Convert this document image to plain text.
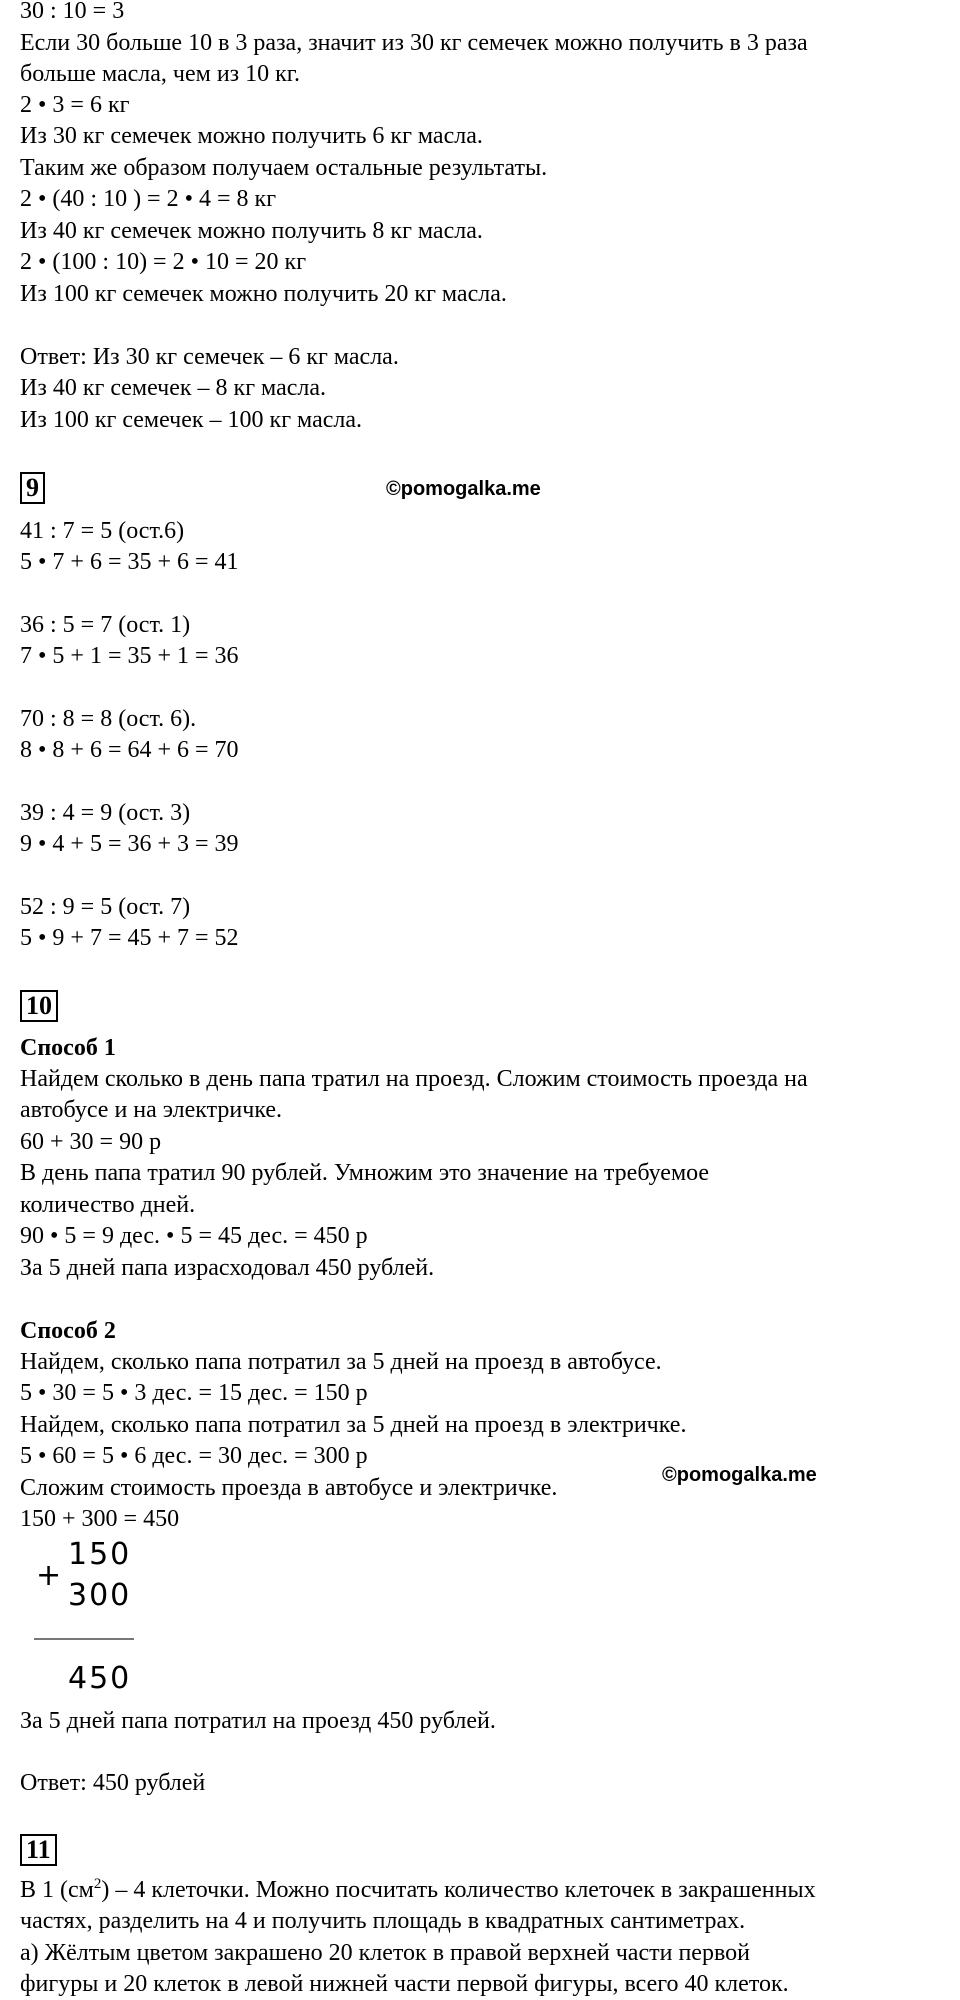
30 : 10 = 3
Если 30 больше 10 в 3 раза, значит из 30 кг семечек можно получить в 3 раза
больше масла, чем из 10 кг.
2 • 3 = 6 кг
Из 30 кг семечек можно получить 6 кг масла.
Таким же образом получаем остальные результаты.
2 • (40 : 10 ) = 2 • 4 = 8 кг
Из 40 кг семечек можно получить 8 кг масла.
2 • (100 : 10) = 2 • 10 = 20 кг
Из 100 кг семечек можно получить 20 кг масла.
Ответ: Из 30 кг семечек – 6 кг масла.
Из 40 кг семечек – 8 кг масла.
Из 100 кг семечек – 100 кг масла.
9	©pomogalka.me
41 : 7 = 5 (ост.6)
5 • 7 + 6 = 35 + 6 = 41
36 : 5 = 7 (ост. 1)
7 • 5 + 1 = 35 + 1 = 36
70 : 8 = 8 (ост. 6).
8 • 8 + 6 = 64 + 6 = 70
39 : 4 = 9 (ост. 3)
9 • 4 + 5 = 36 + 3 = 39
52 : 9 = 5 (ост. 7)
5 • 9 + 7 = 45 + 7 = 52
10
Способ 1
Найдем сколько в день папа тратил на проезд. Сложим стоимость проезда на
автобусе и на электричке.
60 + 30 = 90 р
В день папа тратил 90 рублей. Умножим это значение на требуемое
количество дней.
90 • 5 = 9 дес. • 5 = 45 дес. = 450 р
За 5 дней папа израсходовал 450 рублей.
Способ 2
Найдем, сколько папа потратил за 5 дней на проезд в автобусе.
5 • 30 = 5 • 3 дес. = 15 дес. = 150 р
Найдем, сколько папа потратил за 5 дней на проезд в электричке.
5 • 60 = 5 • 6 дес. = 30 дес. = 300 р
Сложим стоимость проезда в автобусе и электричке.	©pomogalka.me
150 + 300 = 450
150
+
300
450
За 5 дней папа потратил на проезд 450 рублей.
Ответ: 450 рублей
11
В 1 $(см^2) - 4$ клеточки. Можно посчитать количество клеточек в закрашенных
частях, разделить на 4 и получить площадь в квадратных сантиметрах.
а) Жёлтым цветом закрашено 20 клеток в правой верхней части первой
фигуры и 20 клеток в левой нижней части первой фигуры, всего 40 клеток.
